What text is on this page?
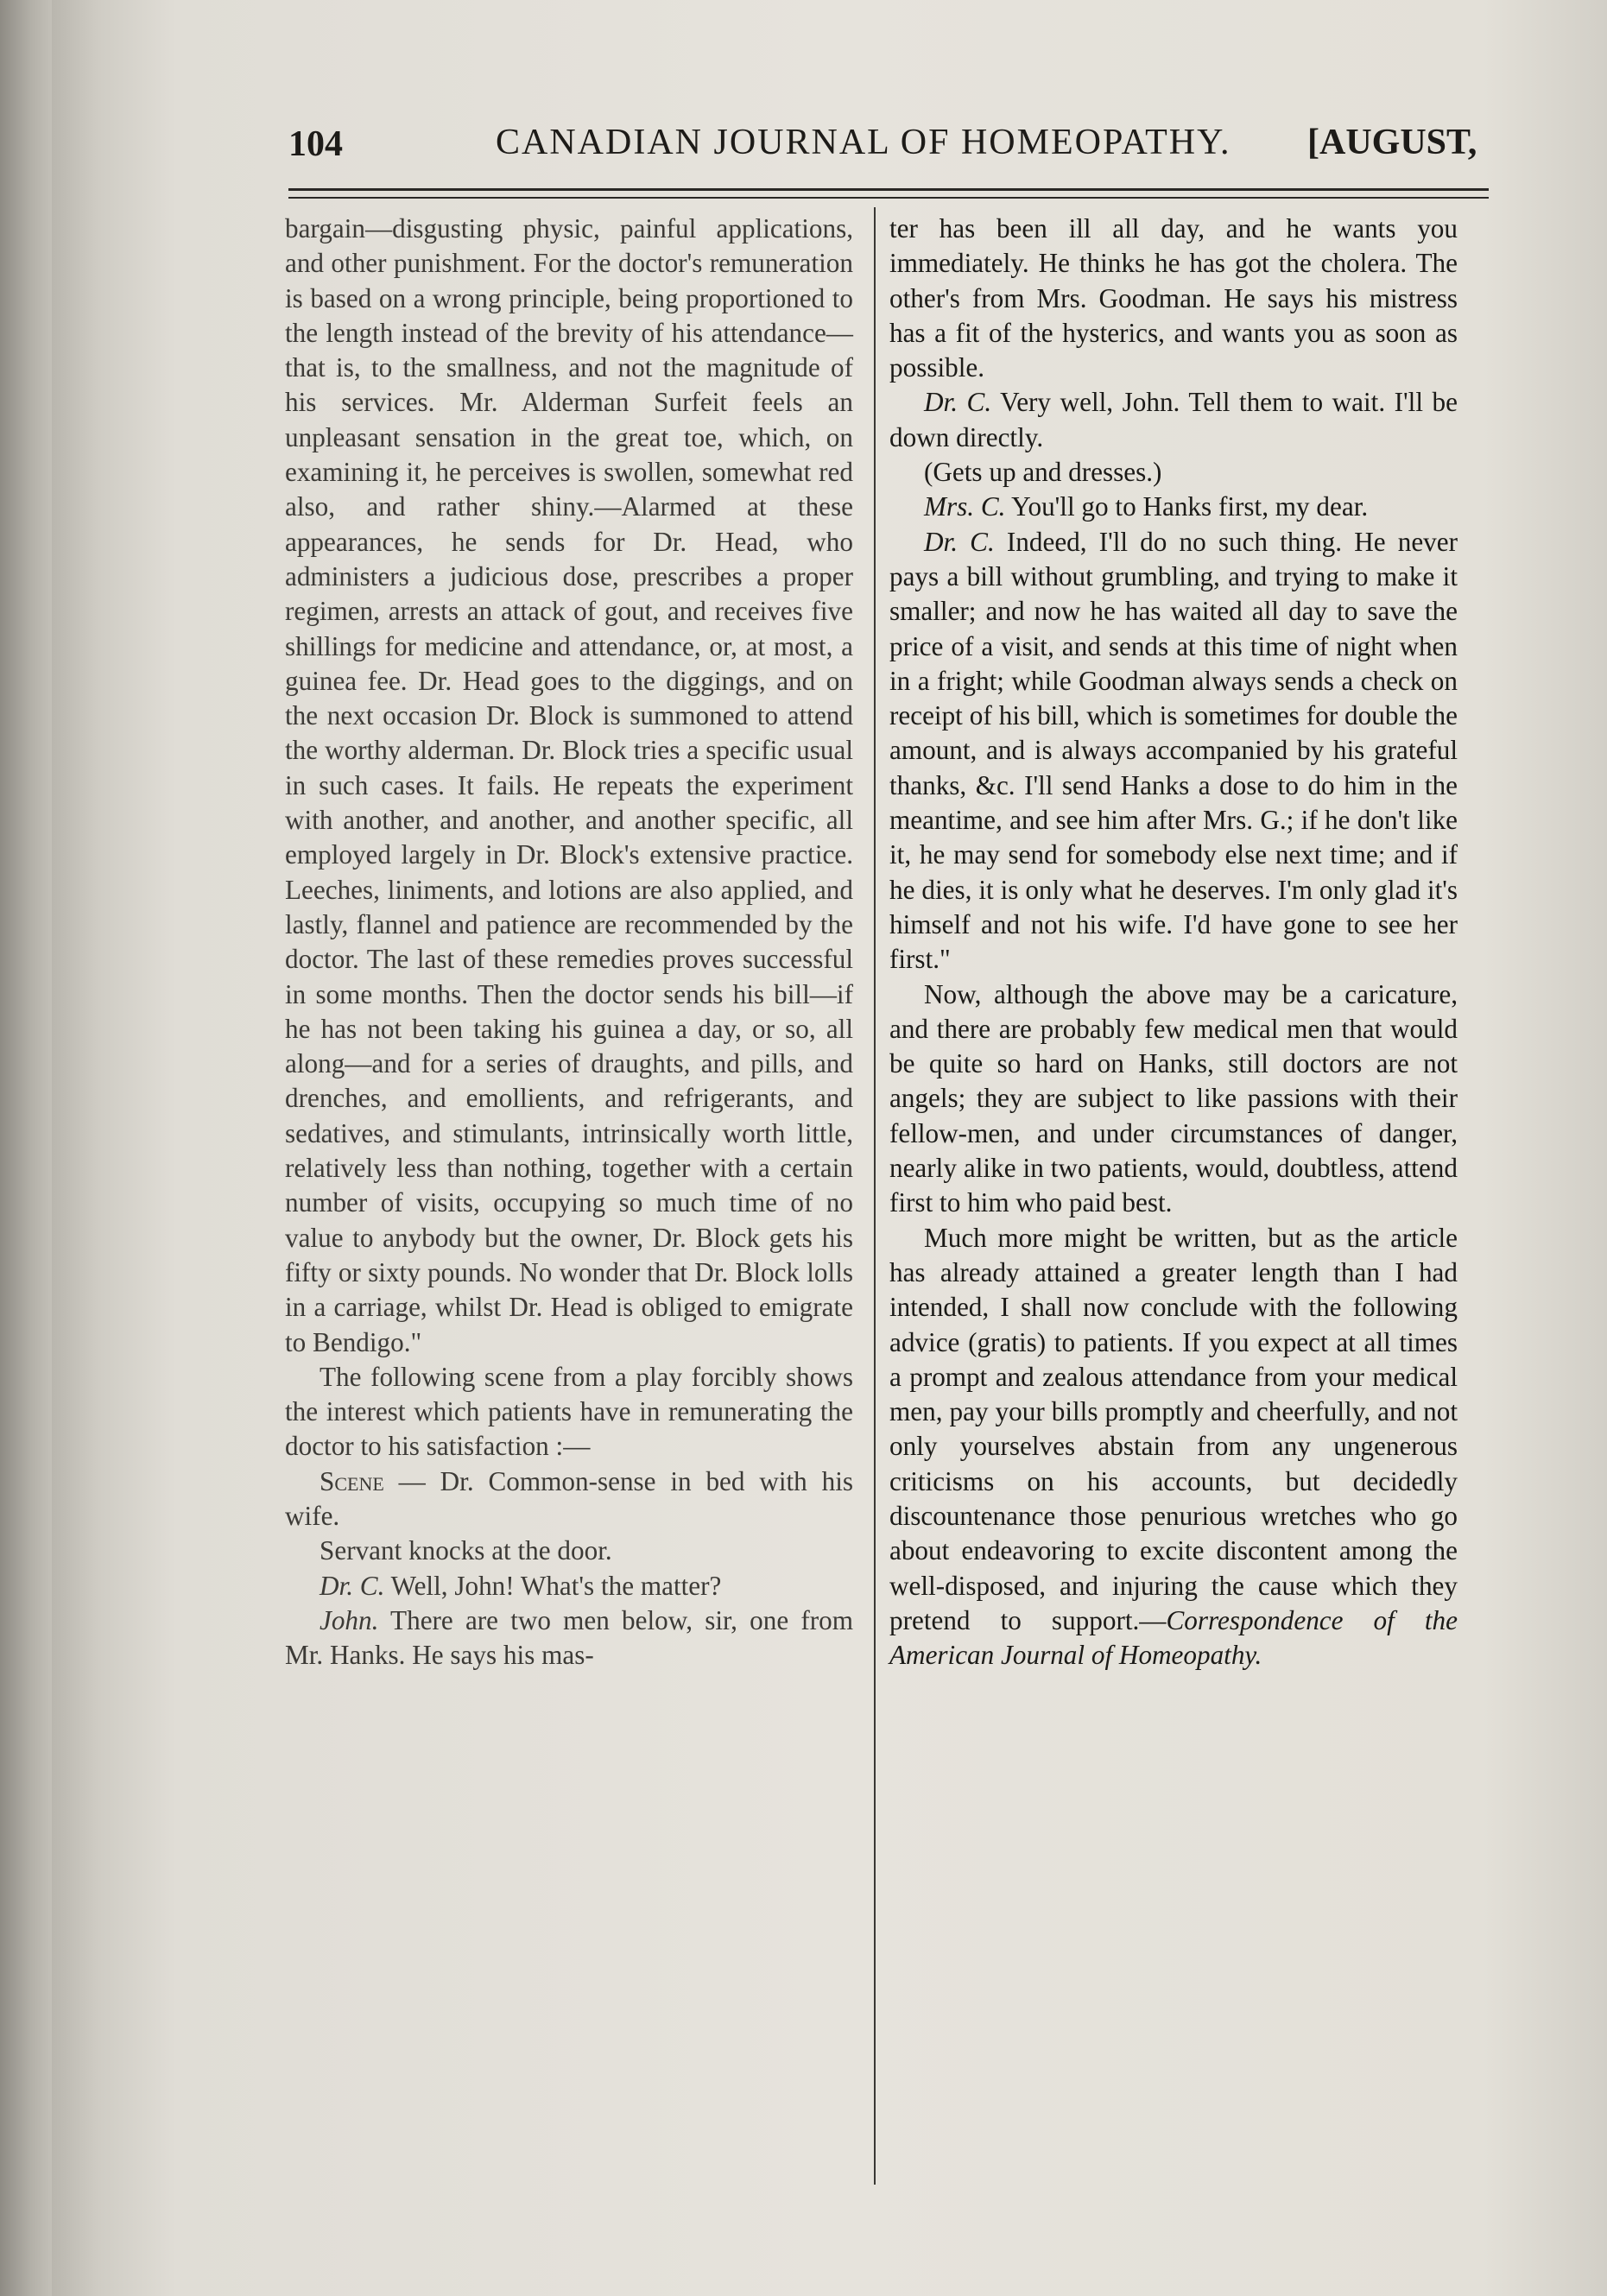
104	CANADIAN JOURNAL OF HOMEOPATHY. [AUGUST,

bargain—disgusting physic, painful applications, and other punishment. For the doctor's remuneration is based on a wrong principle, being proportioned to the length instead of the brevity of his attendance—that is, to the smallness, and not the magnitude of his services. Mr. Alderman Surfeit feels an unpleasant sensation in the great toe, which, on examining it, he perceives is swollen, somewhat red also, and rather shiny.—Alarmed at these appearances, he sends for Dr. Head, who administers a judicious dose, prescribes a proper regimen, arrests an attack of gout, and receives five shillings for medicine and attendance, or, at most, a guinea fee. Dr. Head goes to the diggings, and on the next occasion Dr. Block is summoned to attend the worthy alderman. Dr. Block tries a specific usual in such cases. It fails. He repeats the experiment with another, and another, and another specific, all employed largely in Dr. Block's extensive practice. Leeches, liniments, and lotions are also applied, and lastly, flannel and patience are recommended by the doctor. The last of these remedies proves successful in some months. Then the doctor sends his bill—if he has not been taking his guinea a day, or so, all along—and for a series of draughts, and pills, and drenches, and emollients, and refrigerants, and sedatives, and stimulants, intrinsically worth little, relatively less than nothing, together with a certain number of visits, occupying so much time of no value to anybody but the owner, Dr. Block gets his fifty or sixty pounds. No wonder that Dr. Block lolls in a carriage, whilst Dr. Head is obliged to emigrate to Bendigo."

The following scene from a play forcibly shows the interest which patients have in remunerating the doctor to his satisfaction :—

Scene — Dr. Common-sense in bed with his wife.

Servant knocks at the door.

Dr. C. Well, John! What's the matter?

John. There are two men below, sir, one from Mr. Hanks. He says his mas-

ter has been ill all day, and he wants you immediately. He thinks he has got the cholera. The other's from Mrs. Goodman. He says his mistress has a fit of the hysterics, and wants you as soon as possible.

Dr. C. Very well, John. Tell them to wait. I'll be down directly.

(Gets up and dresses.)

Mrs. C. You'll go to Hanks first, my dear.

Dr. C. Indeed, I'll do no such thing. He never pays a bill without grumbling, and trying to make it smaller; and now he has waited all day to save the price of a visit, and sends at this time of night when in a fright; while Goodman always sends a check on receipt of his bill, which is sometimes for double the amount, and is always accompanied by his grateful thanks, &c. I'll send Hanks a dose to do him in the meantime, and see him after Mrs. G.; if he don't like it, he may send for somebody else next time; and if he dies, it is only what he deserves. I'm only glad it's himself and not his wife. I'd have gone to see her first."

Now, although the above may be a caricature, and there are probably few medical men that would be quite so hard on Hanks, still doctors are not angels; they are subject to like passions with their fellow-men, and under circumstances of danger, nearly alike in two patients, would, doubtless, attend first to him who paid best.

Much more might be written, but as the article has already attained a greater length than I had intended, I shall now conclude with the following advice (gratis) to patients. If you expect at all times a prompt and zealous attendance from your medical men, pay your bills promptly and cheerfully, and not only yourselves abstain from any ungenerous criticisms on his accounts, but decidedly discountenance those penurious wretches who go about endeavoring to excite discontent among the well-disposed, and injuring the cause which they pretend to support.—Correspondence of the American Journal of Homeopathy.
